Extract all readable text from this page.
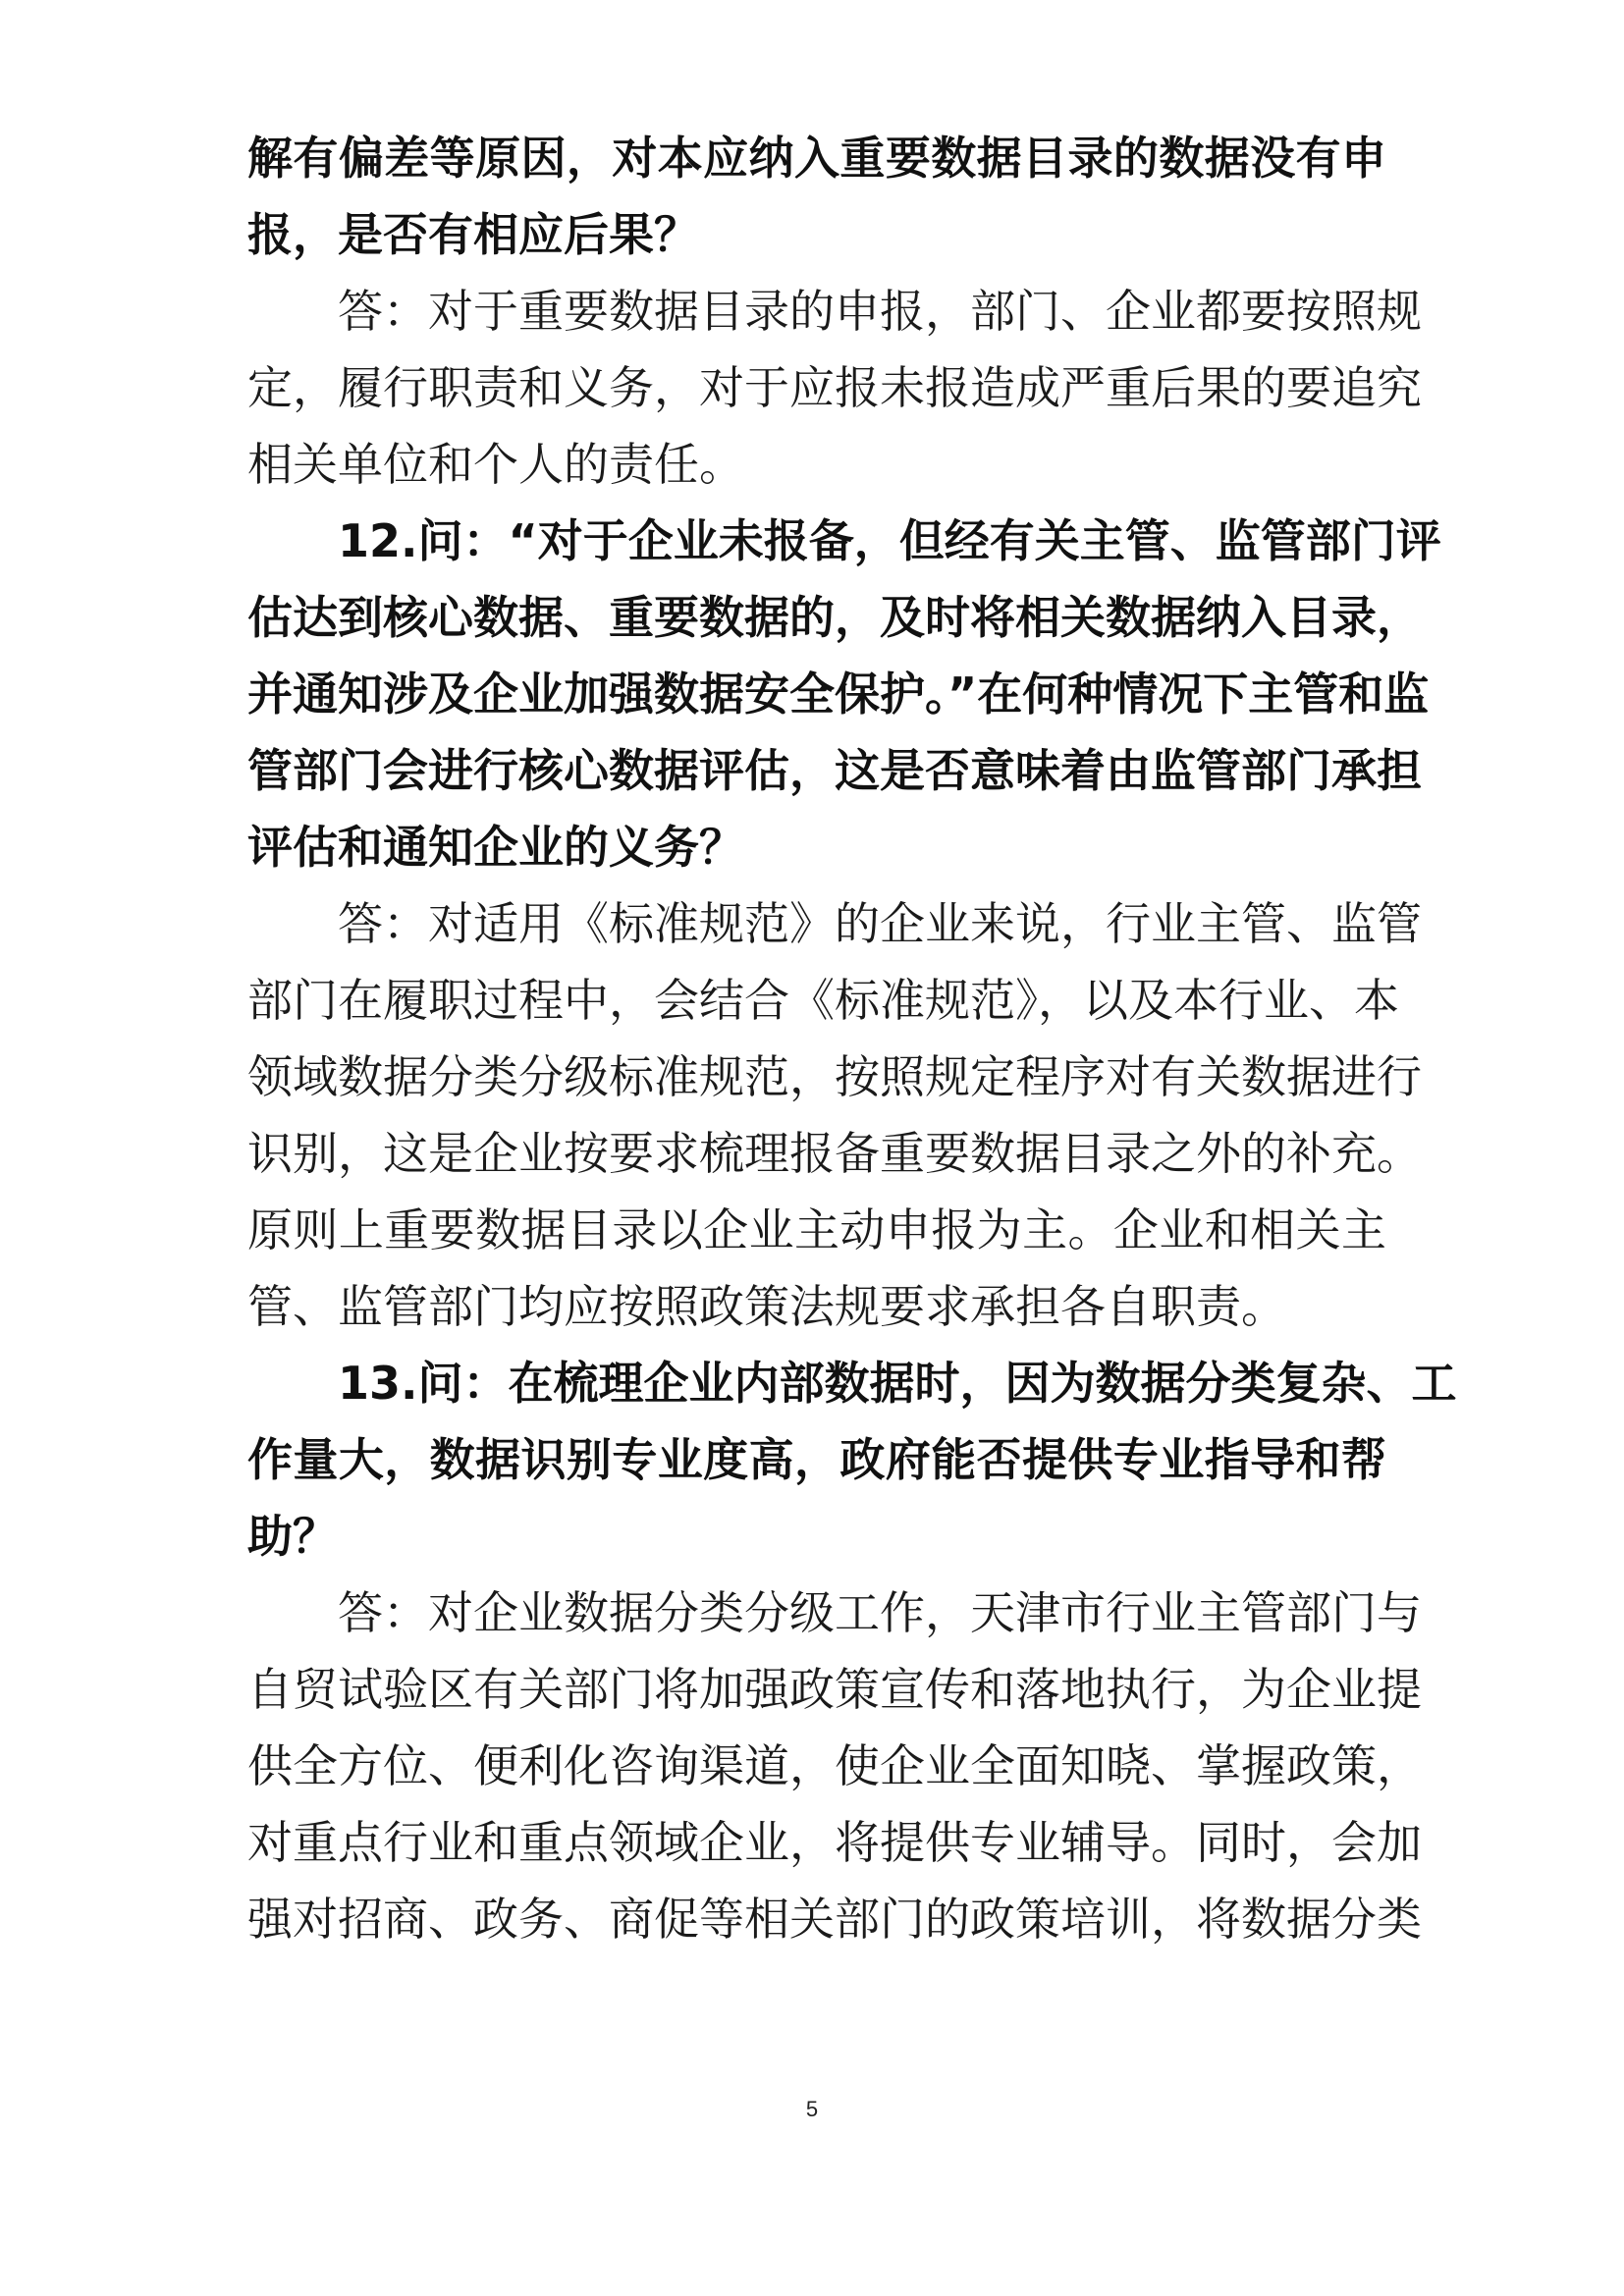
解有偏差等原因，对本应纳入重要数据目录的数据没有申
报，是否有相应后果？
答：对于重要数据目录的申报，部门、企业都要按照规
定，履行职责和义务，对于应报未报造成严重后果的要追究
相关单位和个人的责任。
12.问：“对于企业未报备，但经有关主管、监管部门评
估达到核心数据、重要数据的，及时将相关数据纳入目录，
并通知涉及企业加强数据安全保护。”在何种情况下主管和监
管部门会进行核心数据评估，这是否意味着由监管部门承担
评估和通知企业的义务？
答：对适用《标准规范》的企业来说，行业主管、监管
部门在履职过程中，会结合《标准规范》，以及本行业、本
领域数据分类分级标准规范，按照规定程序对有关数据进行
识别，这是企业按要求梳理报备重要数据目录之外的补充。
原则上重要数据目录以企业主动申报为主。企业和相关主
管、监管部门均应按照政策法规要求承担各自职责。
13.问：在梳理企业内部数据时，因为数据分类复杂、工
作量大，数据识别专业度高，政府能否提供专业指导和帮
助？
答：对企业数据分类分级工作，天津市行业主管部门与
自贸试验区有关部门将加强政策宣传和落地执行，为企业提
供全方位、便利化咨询渠道，使企业全面知晓、掌握政策，
对重点行业和重点领域企业，将提供专业辅导。同时，会加
强对招商、政务、商促等相关部门的政策培训，将数据分类
5
